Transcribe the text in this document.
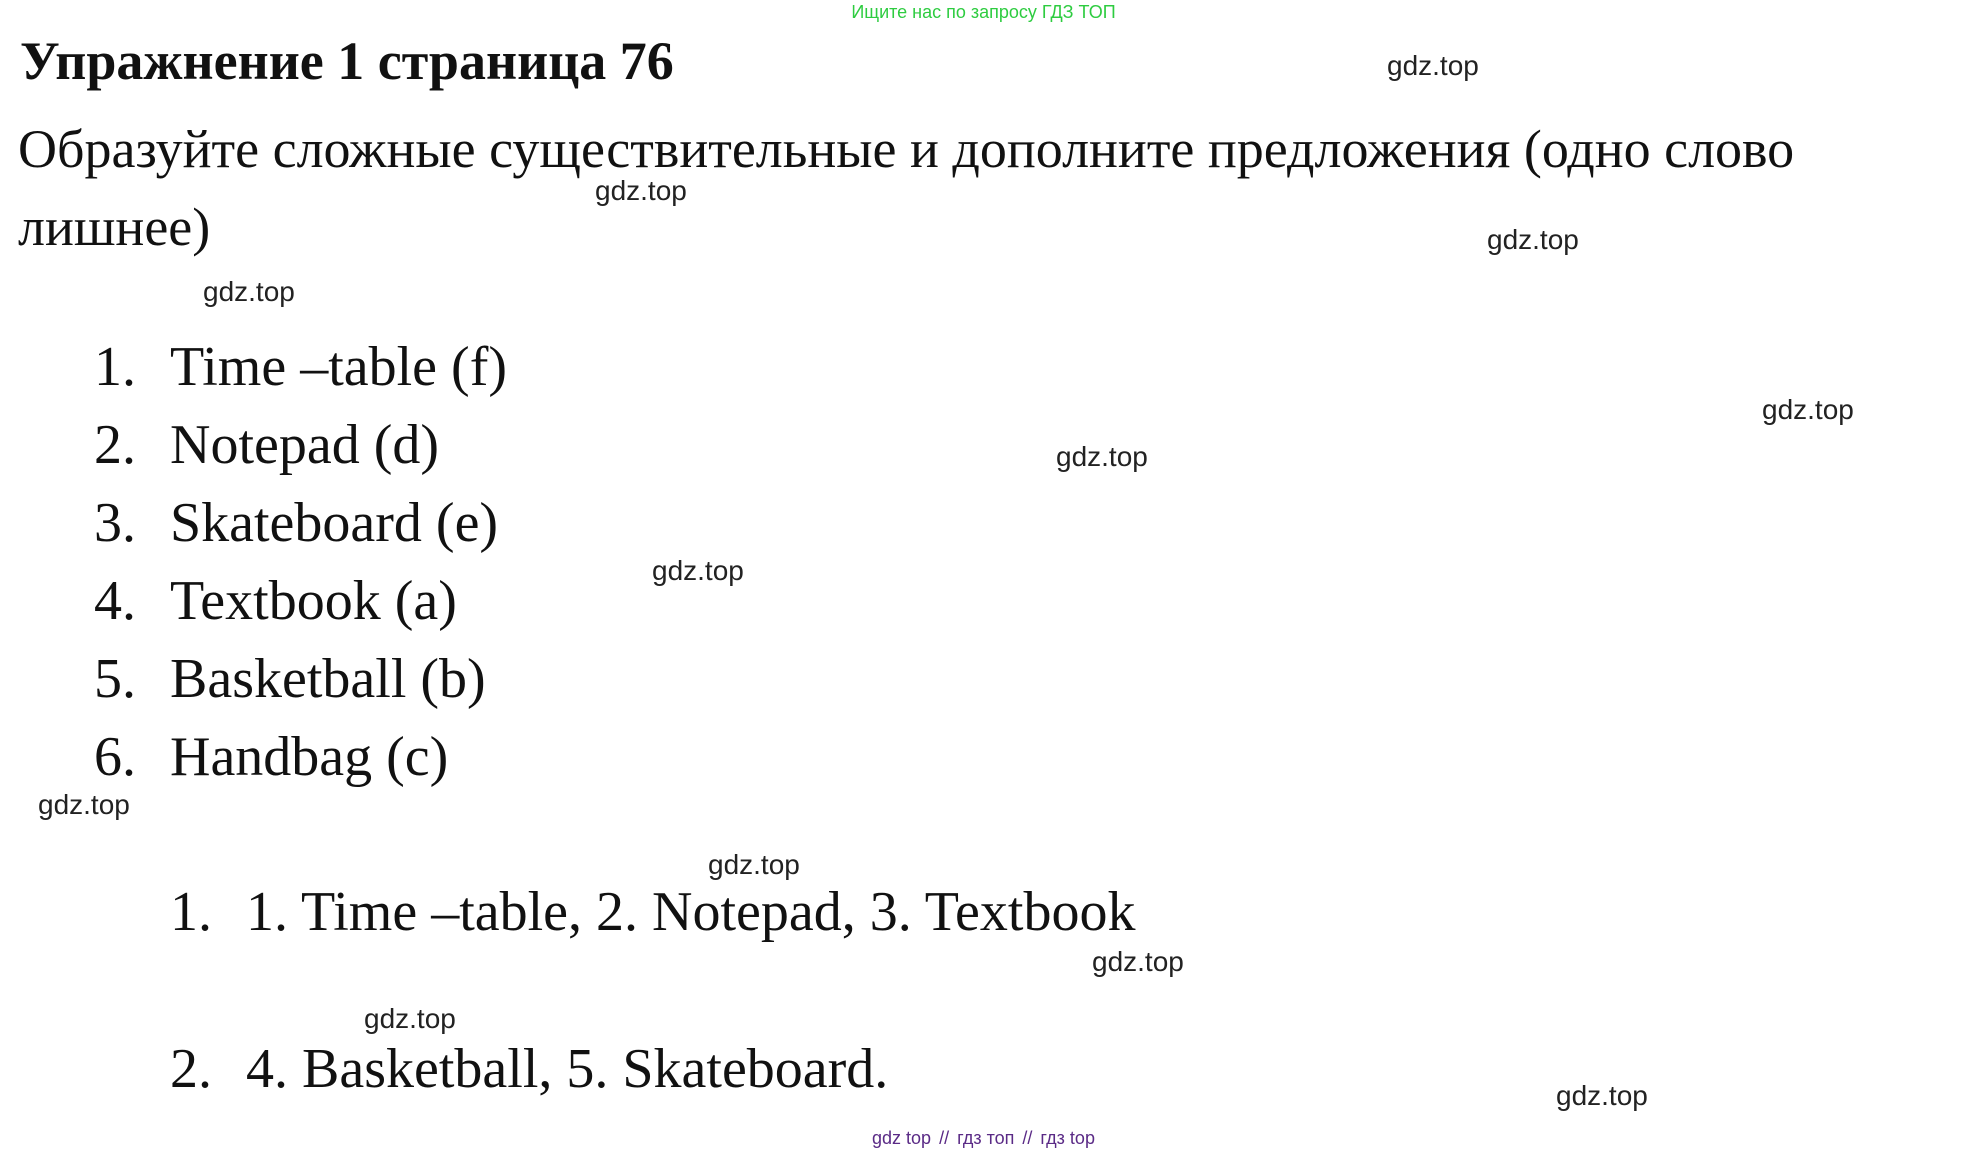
Ищите нас по запросу ГДЗ ТОП
Упражнение 1 страница 76

Образуйте сложные существительные и дополните предложения (одно слово лишнее)

1. Time –table (f)
2. Notepad (d)
3. Skateboard (e)
4. Textbook (a)
5. Basketball (b)
6. Handbag (c)
1. 1. Time –table, 2. Notepad, 3. Textbook
2. 4. Basketball, 5. Skateboard.
gdz.top
gdz.top
gdz.top
gdz.top
gdz.top
gdz.top
gdz.top
gdz.top
gdz.top
gdz.top
gdz.top
gdz.top
gdz top // гдз топ // гдз top
